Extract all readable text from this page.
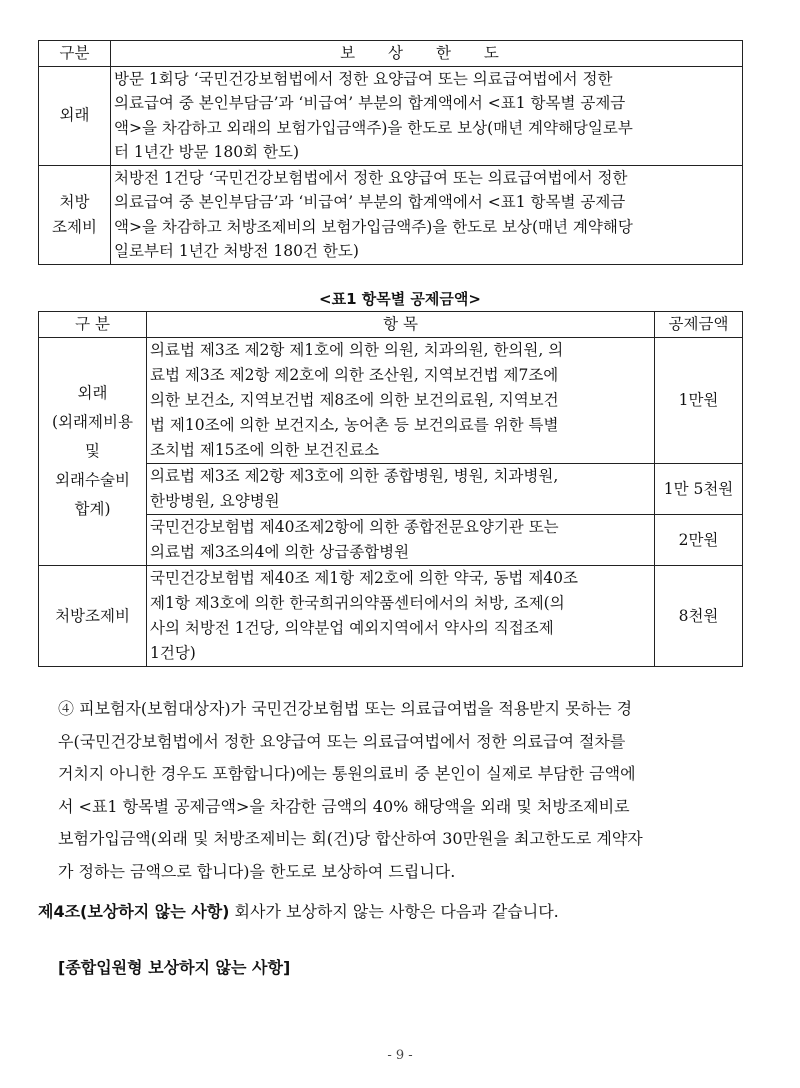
구분	보 상 한 도
외래	방문 1회당 ‘국민건강보험법에서 정한 요양급여 또는 의료급여법에서 정한
의료급여 중 본인부담금’과 ‘비급여’ 부분의 합계액에서 <표1 항목별 공제금
액>을 차감하고 외래의 보험가입금액주)을 한도로 보상(매년 계약해당일로부
터 1년간 방문 180회 한도)

처방
조제비	처방전 1건당 ‘국민건강보험법에서 정한 요양급여 또는 의료급여법에서 정한
의료급여 중 본인부담금’과 ‘비급여’ 부분의 합계액에서 <표1 항목별 공제금
액>을 차감하고 처방조제비의 보험가입금액주)을 한도로 보상(매년 계약해당
일로부터 1년간 처방전 180건 한도)
<표1 항목별 공제금액>
구 분	항 목	공제금액

외래
(외래제비용
및
외래수술비
합계)	의료법 제3조 제2항 제1호에 의한 의원, 치과의원, 한의원, 의
료법 제3조 제2항 제2호에 의한 조산원, 지역보건법 제7조에
의한 보건소, 지역보건법 제8조에 의한 보건의료원, 지역보건
법 제10조에 의한 보건지소, 농어촌 등 보건의료를 위한 특별
조치법 제15조에 의한 보건진료소	1만원

	의료법 제3조 제2항 제3호에 의한 종합병원, 병원, 치과병원,
한방병원, 요양병원	1만 5천원

	국민건강보험법 제40조제2항에 의한 종합전문요양기관 또는
의료법 제3조의4에 의한 상급종합병원	2만원
처방조제비	국민건강보험법 제40조 제1항 제2호에 의한 약국, 동법 제40조
제1항 제3호에 의한 한국희귀의약품센터에서의 처방, 조제(의
사의 처방전 1건당, 의약분업 예외지역에서 약사의 직접조제
1건당)	8천원
④ 피보험자(보험대상자)가 국민건강보험법 또는 의료급여법을 적용받지 못하는 경
우(국민건강보험법에서 정한 요양급여 또는 의료급여법에서 정한 의료급여 절차를
거치지 아니한 경우도 포함합니다)에는 통원의료비 중 본인이 실제로 부담한 금액에
서 <표1 항목별 공제금액>을 차감한 금액의 40% 해당액을 외래 및 처방조제비로
보험가입금액(외래 및 처방조제비는 회(건)당 합산하여 30만원을 최고한도로 계약자
가 정하는 금액으로 합니다)을 한도로 보상하여 드립니다.
제4조(보상하지 않는 사항) 회사가 보상하지 않는 사항은 다음과 같습니다.
[종합입원형 보상하지 않는 사항]
- 9 -
